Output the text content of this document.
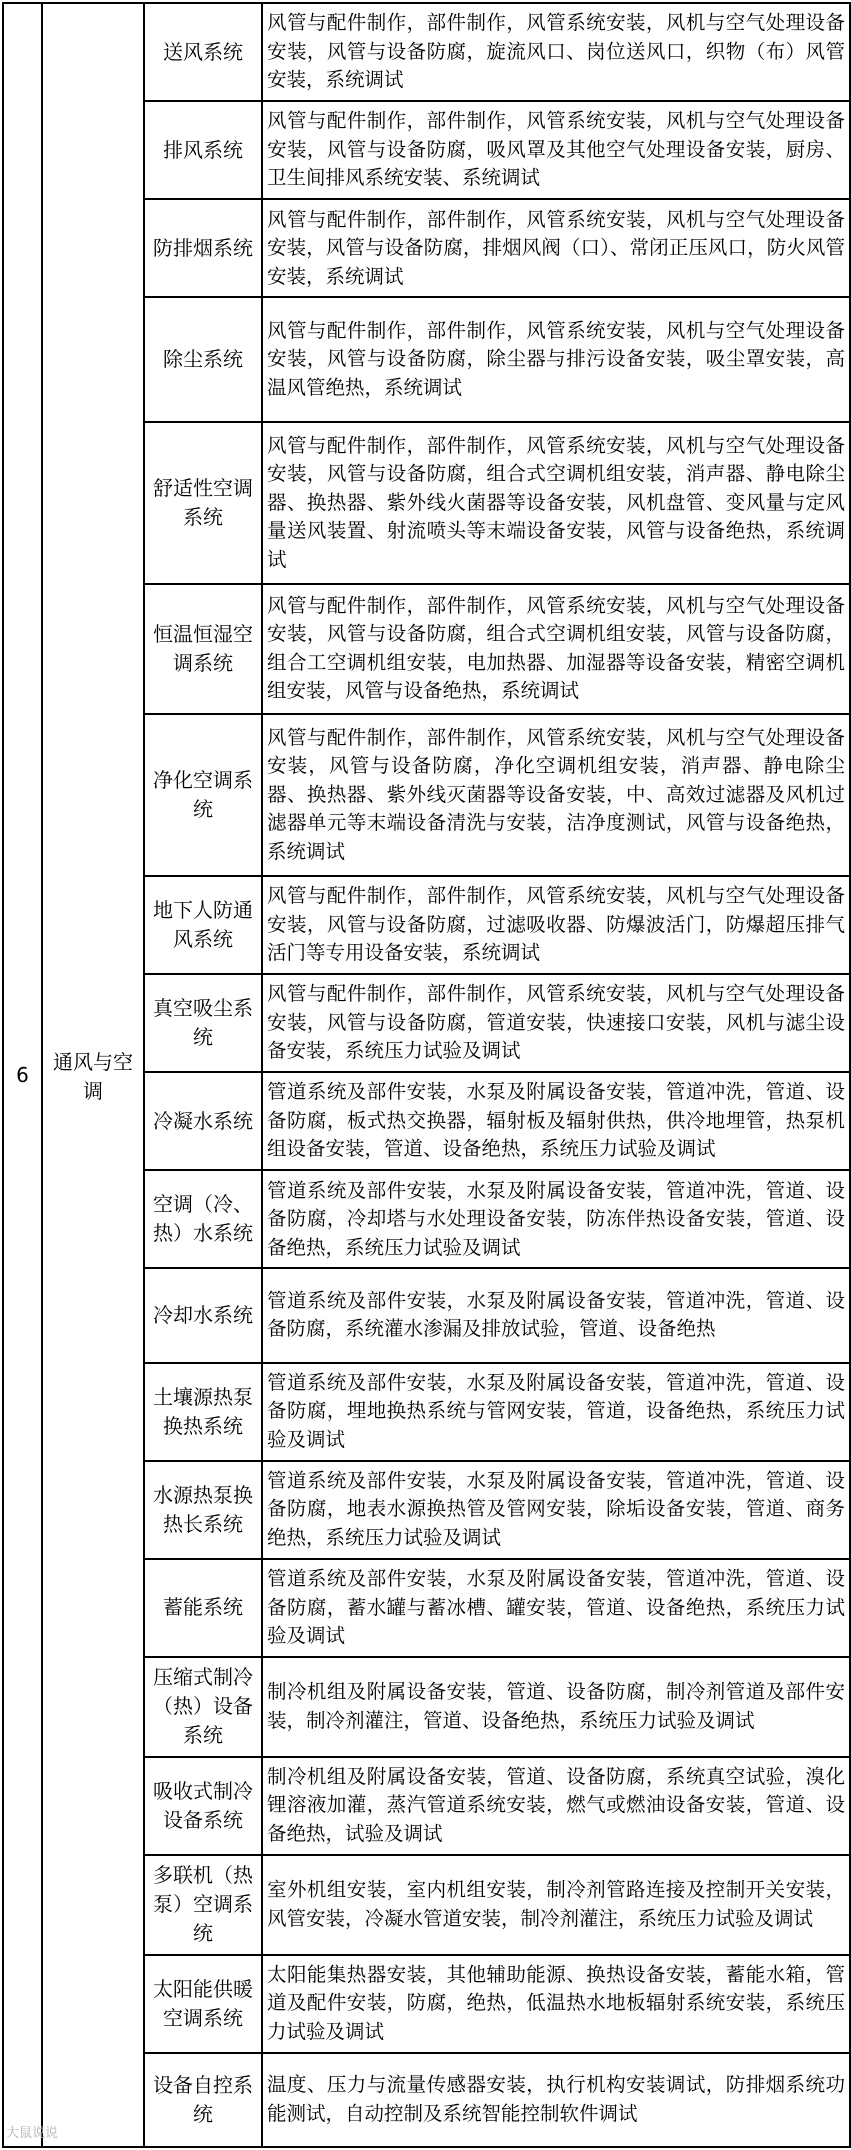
6	通风与空调	送风系统	风管与配件制作，部件制作，风管系统安装，风机与空气处理设备安装，风管与设备防腐，旋流风口、岗位送风口，织物（布）风管安装，系统调试
		排风系统	风管与配件制作，部件制作，风管系统安装，风机与空气处理设备安装，风管与设备防腐，吸风罩及其他空气处理设备安装，厨房、卫生间排风系统安装、系统调试
		防排烟系统	风管与配件制作，部件制作，风管系统安装，风机与空气处理设备安装，风管与设备防腐，排烟风阀（口）、常闭正压风口，防火风管安装，系统调试
		除尘系统	风管与配件制作，部件制作，风管系统安装，风机与空气处理设备安装，风管与设备防腐，除尘器与排污设备安装，吸尘罩安装，高温风管绝热，系统调试
		舒适性空调系统	风管与配件制作，部件制作，风管系统安装，风机与空气处理设备安装，风管与设备防腐，组合式空调机组安装，消声器、静电除尘器、换热器、紫外线火菌器等设备安装，风机盘管、变风量与定风量送风装置、射流喷头等末端设备安装，风管与设备绝热，系统调试
		恒温恒湿空调系统	风管与配件制作，部件制作，风管系统安装，风机与空气处理设备安装，风管与设备防腐，组合式空调机组安装，风管与设备防腐，组合工空调机组安装，电加热器、加湿器等设备安装，精密空调机组安装，风管与设备绝热，系统调试
		净化空调系统	风管与配件制作，部件制作，风管系统安装，风机与空气处理设备安装，风管与设备防腐，净化空调机组安装，消声器、静电除尘器、换热器、紫外线灭菌器等设备安装，中、高效过滤器及风机过滤器单元等末端设备清洗与安装，洁净度测试，风管与设备绝热，系统调试
		地下人防通风系统	风管与配件制作，部件制作，风管系统安装，风机与空气处理设备安装，风管与设备防腐，过滤吸收器、防爆波活门，防爆超压排气活门等专用设备安装，系统调试
		真空吸尘系统	风管与配件制作，部件制作，风管系统安装，风机与空气处理设备安装，风管与设备防腐，管道安装，快速接口安装，风机与滤尘设备安装，系统压力试验及调试
		冷凝水系统	管道系统及部件安装，水泵及附属设备安装，管道冲洗，管道、设备防腐，板式热交换器，辐射板及辐射供热，供冷地埋管，热泵机组设备安装，管道、设备绝热，系统压力试验及调试
		空调（冷、热）水系统	管道系统及部件安装，水泵及附属设备安装，管道冲洗，管道、设备防腐，冷却塔与水处理设备安装，防冻伴热设备安装，管道、设备绝热，系统压力试验及调试
		冷却水系统	管道系统及部件安装，水泵及附属设备安装，管道冲洗，管道、设备防腐，系统灌水渗漏及排放试验，管道、设备绝热
		土壤源热泵换热系统	管道系统及部件安装，水泵及附属设备安装，管道冲洗，管道、设备防腐，埋地换热系统与管网安装，管道，设备绝热，系统压力试验及调试
		水源热泵换热长系统	管道系统及部件安装，水泵及附属设备安装，管道冲洗，管道、设备防腐，地表水源换热管及管网安装，除垢设备安装，管道、商务绝热，系统压力试验及调试
		蓄能系统	管道系统及部件安装，水泵及附属设备安装，管道冲洗，管道、设备防腐，蓄水罐与蓄冰槽、罐安装，管道、设备绝热，系统压力试验及调试
		压缩式制冷（热）设备系统	制冷机组及附属设备安装，管道、设备防腐，制冷剂管道及部件安装，制冷剂灌注，管道、设备绝热，系统压力试验及调试
		吸收式制冷设备系统	制冷机组及附属设备安装，管道、设备防腐，系统真空试验，溴化锂溶液加灌，蒸汽管道系统安装，燃气或燃油设备安装，管道、设备绝热，试验及调试
		多联机（热泵）空调系统	室外机组安装，室内机组安装，制冷剂管路连接及控制开关安装，风管安装，冷凝水管道安装，制冷剂灌注，系统压力试验及调试
		太阳能供暖空调系统	太阳能集热器安装，其他辅助能源、换热设备安装，蓄能水箱，管道及配件安装，防腐，绝热，低温热水地板辐射系统安装，系统压力试验及调试
		设备自控系统	温度、压力与流量传感器安装，执行机构安装调试，防排烟系统功能测试，自动控制及系统智能控制软件调试
大鼠说说
